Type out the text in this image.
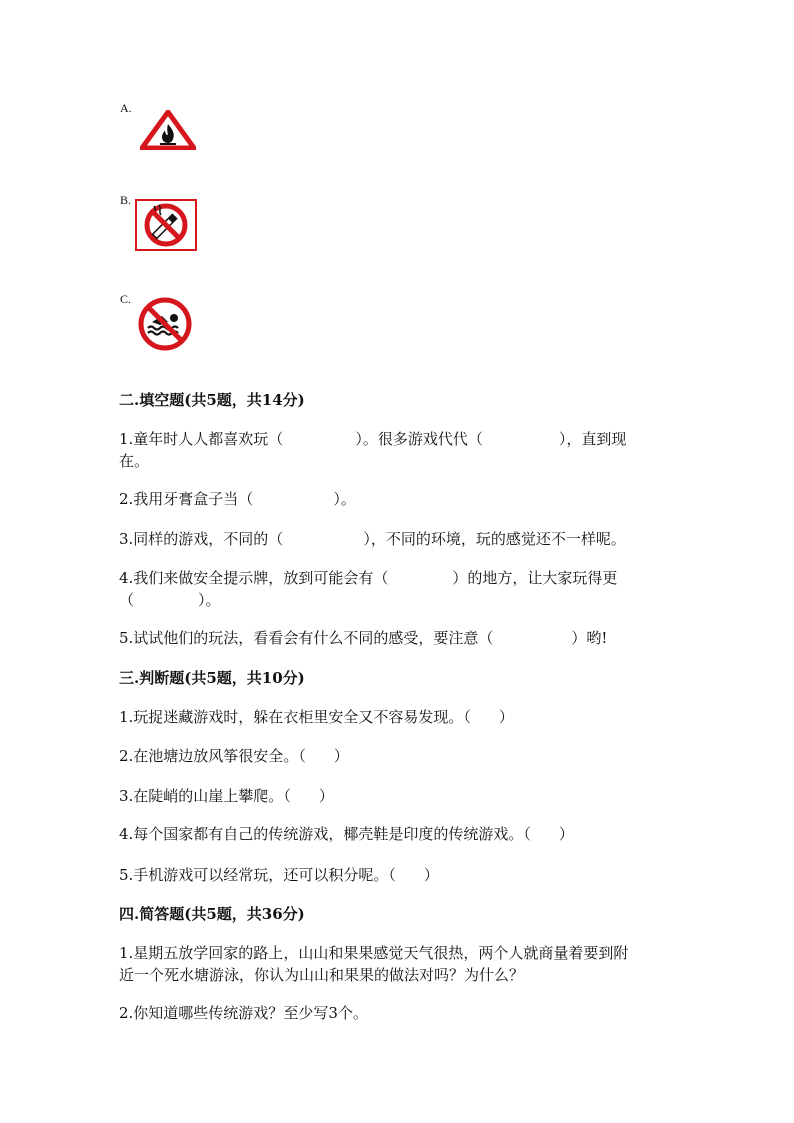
A.
B.
C.
二.填空题(共5题，共14分)
1.童年时人人都喜欢玩（	）。很多游戏代代（	），直到现
在。
2.我用牙膏盒子当（	）。
3.同样的游戏，不同的（	），不同的环境，玩的感觉还不一样呢。
4.我们来做安全提示牌，放到可能会有（	）的地方，让大家玩得更
（	）。
5.试试他们的玩法，看看会有什么不同的感受，要注意（	）哟!
三.判断题(共5题，共10分)
1.玩捉迷藏游戏时，躲在衣柜里安全又不容易发现。（ ）
2.在池塘边放风筝很安全。（ ）
3.在陡峭的山崖上攀爬。（ ）
4.每个国家都有自己的传统游戏，椰壳鞋是印度的传统游戏。（ ）
5.手机游戏可以经常玩，还可以积分呢。（ ）
四.简答题(共5题，共36分)
1.星期五放学回家的路上，山山和果果感觉天气很热，两个人就商量着要到附
近一个死水塘游泳，你认为山山和果果的做法对吗？为什么？
2.你知道哪些传统游戏？至少写3个。
